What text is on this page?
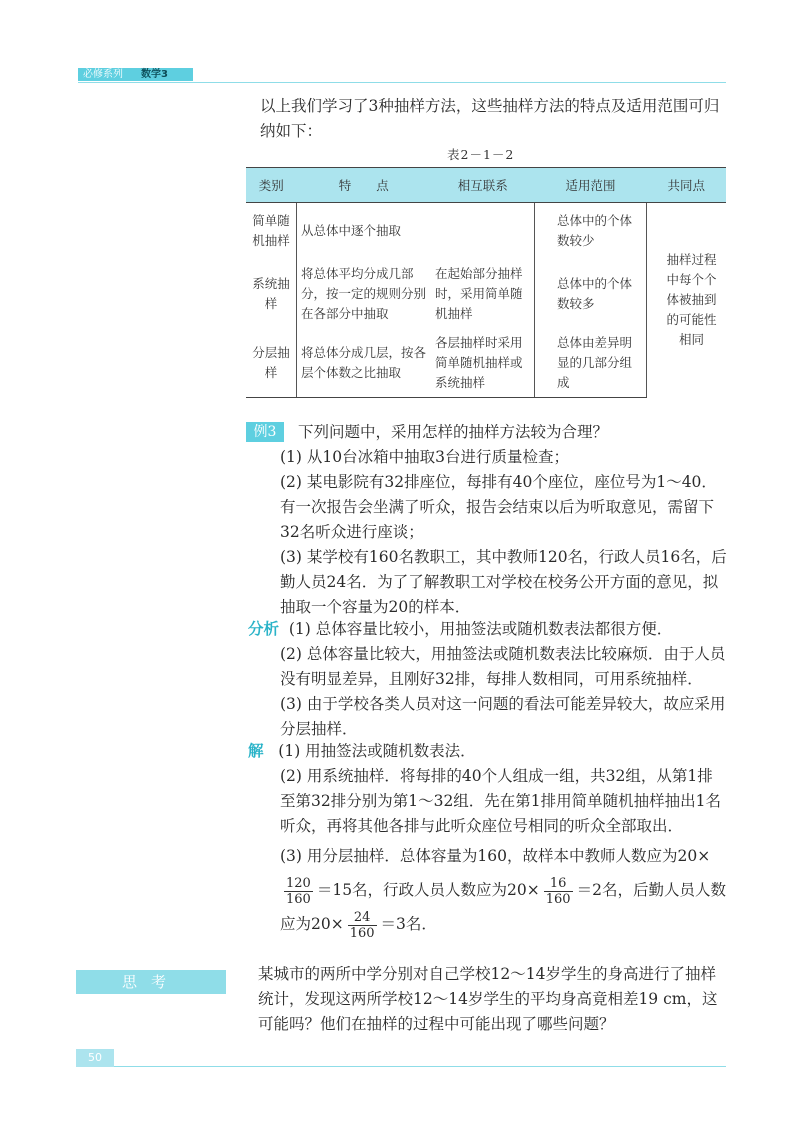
必修系列 数学3
以上我们学习了3种抽样方法，这些抽样方法的特点及适用范围可归纳如下：
表2－1－2
类别	特　　点	相互联系	适用范围	共同点
简单随机抽样	从总体中逐个抽取		总体中的个体数较少	抽样过程中每个个体被抽到的可能性相同
系统抽样	将总体平均分成几部分，按一定的规则分别在各部分中抽取	在起始部分抽样时，采用简单随机抽样	总体中的个体数较多	
分层抽样	将总体分成几层，按各层个体数之比抽取	各层抽样时采用简单随机抽样或系统抽样	总体由差异明显的几部分组成	
例3	下列问题中，采用怎样的抽样方法较为合理？
(1) 从10台冰箱中抽取3台进行质量检查；
(2) 某电影院有32排座位，每排有40个座位，座位号为1～40．有一次报告会坐满了听众，报告会结束以后为听取意见，需留下32名听众进行座谈；
(3) 某学校有160名教职工，其中教师120名，行政人员16名，后勤人员24名．为了了解教职工对学校在校务公开方面的意见，拟抽取一个容量为20的样本．
分析 (1) 总体容量比较小，用抽签法或随机数表法都很方便．
(2) 总体容量比较大，用抽签法或随机数表法比较麻烦．由于人员没有明显差异，且刚好32排，每排人数相同，可用系统抽样．
(3) 由于学校各类人员对这一问题的看法可能差异较大，故应采用分层抽样．
解 (1) 用抽签法或随机数表法．
(2) 用系统抽样．将每排的40个人组成一组，共32组，从第1排至第32排分别为第1～32组．先在第1排用简单随机抽样抽出1名听众，再将其他各排与此听众座位号相同的听众全部取出．
(3) 用分层抽样．总体容量为160，故样本中教师人数应为20×
$\frac{120}{160} =15$名，行政人员人数应为$20\times \frac{16}{160} =2$名，后勤人员人数应为$20\times \frac{24}{160} =3$名．
思考	某城市的两所中学分别对自己学校12～14岁学生的身高进行了抽样统计，发现这两所学校12～14岁学生的平均身高竟相差19 cm，这可能吗？他们在抽样的过程中可能出现了哪些问题？
50
